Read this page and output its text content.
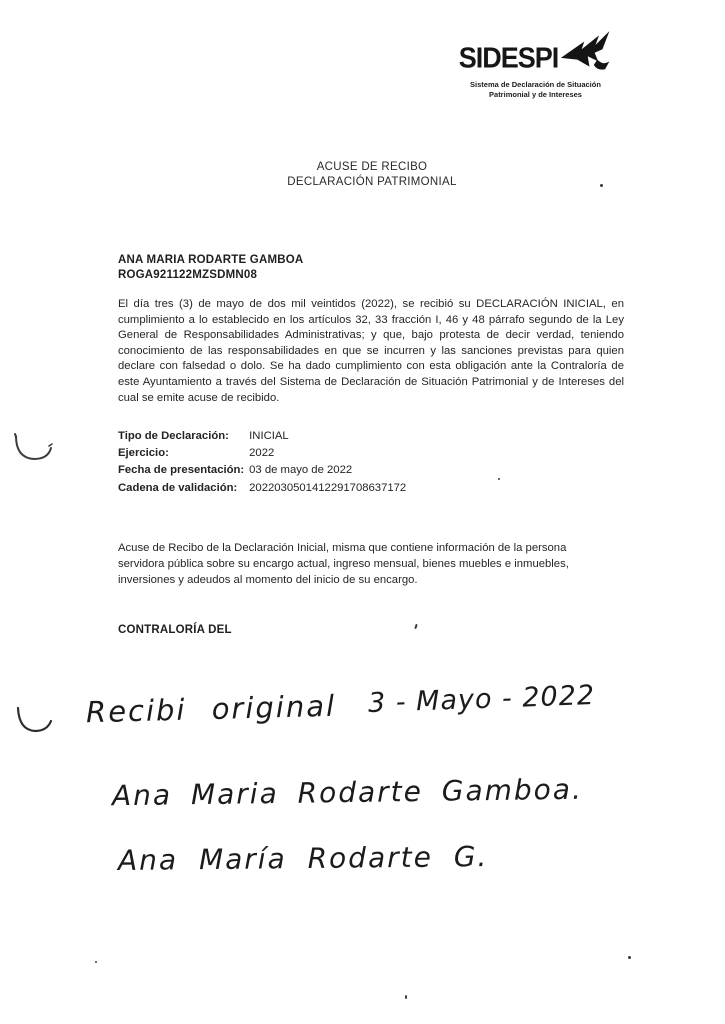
SIDESPI
Sistema de Declaración de Situación
Patrimonial y de Intereses
ACUSE DE RECIBO
DECLARACIÓN PATRIMONIAL
ANA MARIA RODARTE GAMBOA
ROGA921122MZSDMN08
El día tres (3) de mayo de dos mil veintidos (2022), se recibió su DECLARACIÓN INICIAL, en cumplimiento a lo establecido en los artículos 32, 33 fracción I, 46 y 48 párrafo segundo de la Ley General de Responsabilidades Administrativas; y que, bajo protesta de decir verdad, teniendo conocimiento de las responsabilidades en que se incurren y las sanciones previstas para quien declare con falsedad o dolo. Se ha dado cumplimiento con esta obligación ante la Contraloría de este Ayuntamiento a través del Sistema de Declaración de Situación Patrimonial y de Intereses del cual se emite acuse de recibido.
Tipo de Declaración: INICIAL
Ejercicio:	2022
Fecha de presentación: 03 de mayo de 2022
Cadena de validación: 2022030501412291708637172
Acuse de Recibo de la Declaración Inicial, misma que contiene información de la persona servidora pública sobre su encargo actual, ingreso mensual, bienes muebles e inmuebles, inversiones y adeudos al momento del inicio de su encargo.
CONTRALORÍA DEL
Recibi original 3 - Mayo - 2022
Ana Maria Rodarte Gamboa.
Ana María Rodarte G.
